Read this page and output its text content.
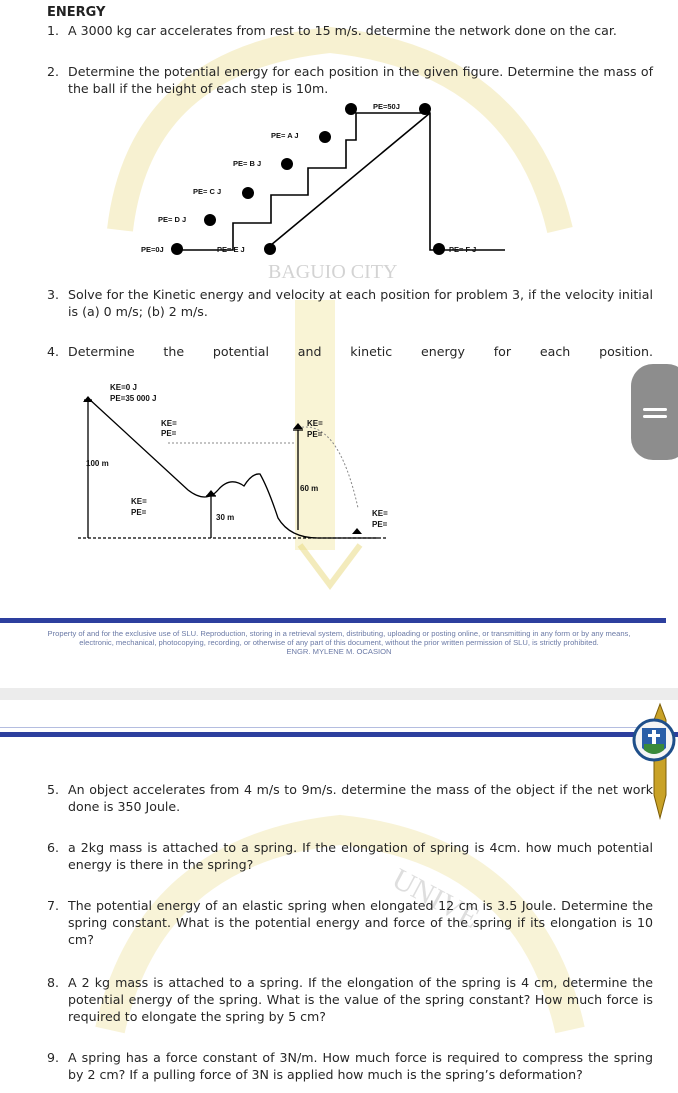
BAGUIO CITY
ENERGY
1. A 3000 kg car accelerates from rest to 15 m/s. determine the network done on the car.
2. Determine the potential energy for each position in the given figure. Determine the mass of the ball if the height of each step is 10m.
PE=50J
PE= A J
PE= B J
PE= C J
PE= D J
PE=0J	PE= E J	PE= F J
3. Solve for the Kinetic energy and velocity at each position for problem 3, if the velocity initial is (a) 0 m/s; (b) 2 m/s.
4. Determine the potential and kinetic energy for each position.
KE=0 J
PE=35 000 J
KE=
PE=
KE=
PE=
KE=
PE=	KE=
PE=
100 m
30 m
60 m
Property of and for the exclusive use of SLU. Reproduction, storing in a retrieval system, distributing, uploading or posting online, or transmitting in any form or by any means,
electronic, mechanical, photocopying, recording, or otherwise of any part of this document, without the prior written permission of SLU, is strictly prohibited.
ENGR. MYLENE M. OCASION
UNIVE
5. An object accelerates from 4 m/s to 9m/s. determine the mass of the object if the net work done is 350 Joule.
6. a 2kg mass is attached to a spring. If the elongation of spring is 4cm. how much potential energy is there in the spring?
7. The potential energy of an elastic spring when elongated 12 cm is 3.5 Joule. Determine the spring constant. What is the potential energy and force of the spring if its elongation is 10 cm?
8. A 2 kg mass is attached to a spring. If the elongation of the spring is 4 cm, determine the potential energy of the spring. What is the value of the spring constant? How much force is required to elongate the spring by 5 cm?
9. A spring has a force constant of 3N/m. How much force is required to compress the spring by 2 cm? If a pulling force of 3N is applied how much is the spring’s deformation?
